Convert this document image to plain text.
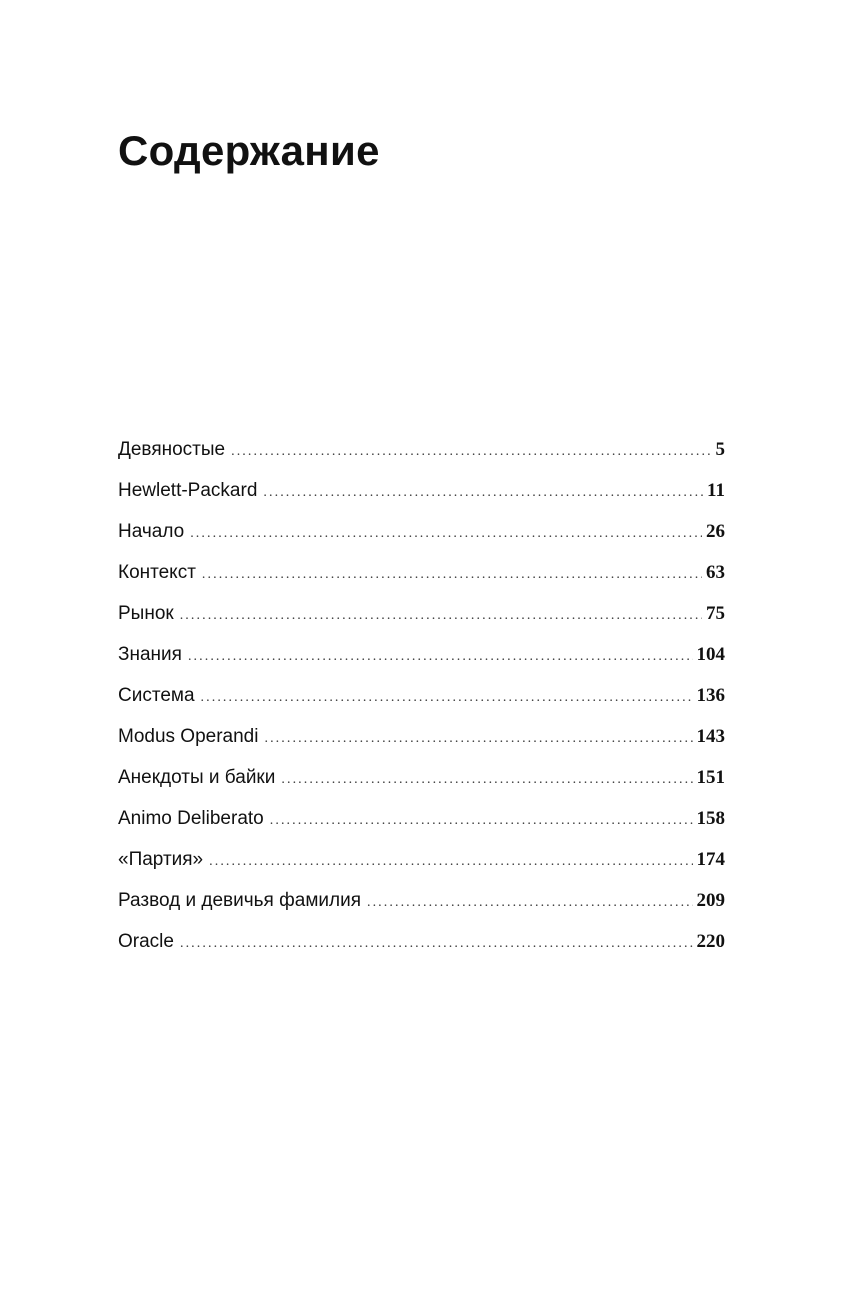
Содержание
Девяностые .....	5
Hewlett-Packard .....	11
Начало .....	26
Контекст .....	63
Рынок .....	75
Знания .....	104
Система .....	136
Modus Operandi .....	143
Анекдоты и байки .....	151
Animo Deliberato .....	158
«Партия» .....	174
Развод и девичья фамилия .....	209
Oracle .....	220
